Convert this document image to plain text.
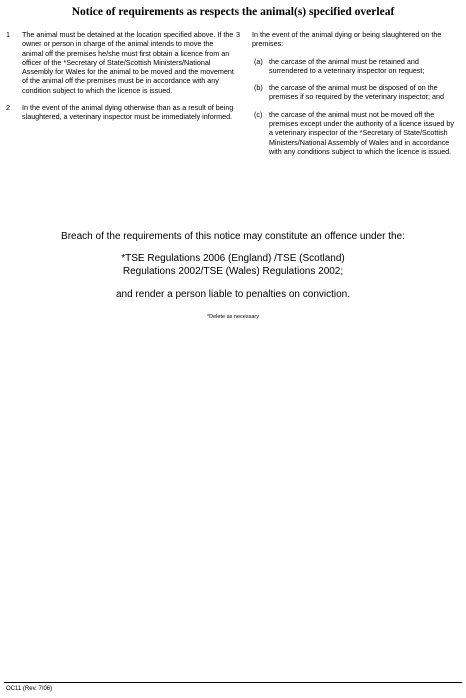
Notice of requirements as respects the animal(s) specified overleaf
1	The animal must be detained at the location specified above. If the owner or person in charge of the animal intends to move the animal off the premises he/she must first obtain a licence from an officer of the *Secretary of State/Scottish Ministers/National Assembly for Wales for the animal to be moved and the movement of the animal off the premises must be in accordance with any condition subject to which the licence is issued.
2	In the event of the animal dying otherwise than as a result of being slaughtered, a veterinary inspector must be immediately informed.
3	In the event of the animal dying or being slaughtered on the premises:
(a) the carcase of the animal must be retained and surrendered to a veterinary inspector on request;
(b) the carcase of the animal must be disposed of on the premises if so required by the veterinary inspector; and
(c) the carcase of the animal must not be moved off the premises except under the authority of a licence issued by a veterinary inspector of the *Secretary of State/Scottish Ministers/National Assembly of Wales and in accordance with any conditions subject to which the licence is issued.

Breach of the requirements of this notice may constitute an offence under the:

*TSE Regulations 2006 (England) /TSE (Scotland)

Regulations 2002/TSE (Wales) Regulations 2002;

and render a person liable to penalties on conviction.

*Delete as necessary

OC11 (Rev. 7/06)
